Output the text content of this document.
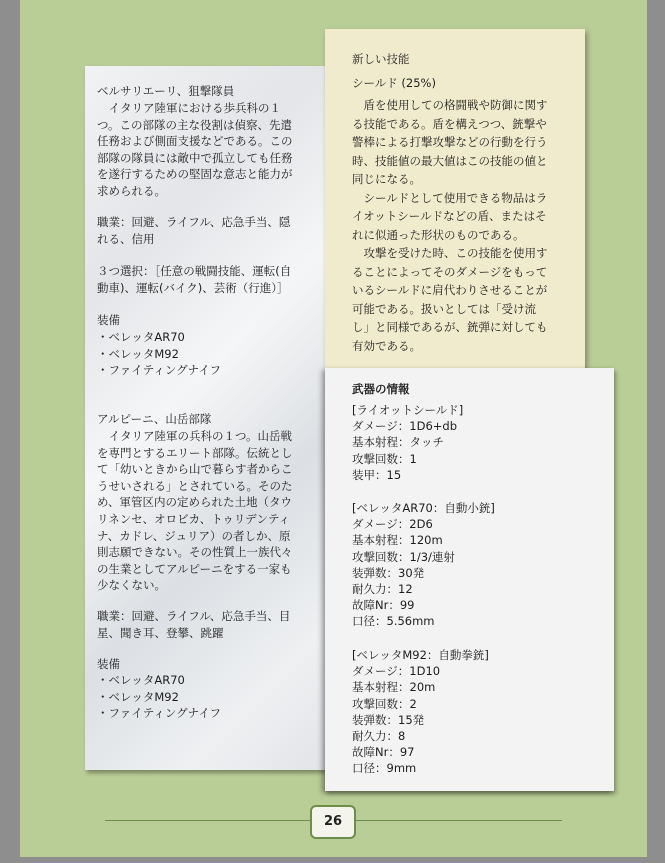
ベルサリエーリ、狙撃隊員
　イタリア陸軍における歩兵科の１
つ。この部隊の主な役割は偵察、先遣
任務および側面支援などである。この
部隊の隊員には敵中で孤立しても任務
を遂行するための堅固な意志と能力が
求められる。
職業：回避、ライフル、応急手当、隠
れる、信用
３つ選択：［任意の戦闘技能、運転(自
動車)、運転(バイク)、芸術（行進）］
装備
・ベレッタAR70
・ベレッタM92
・ファイティングナイフ
アルピーニ、山岳部隊
　イタリア陸軍の兵科の１つ。山岳戦
を専門とするエリート部隊。伝統とし
て「幼いときから山で暮らす者からこ
うせいされる」とされている。そのた
め、軍管区内の定められた土地（タウ
リネンセ、オロビカ、トゥリデンティ
ナ、カドレ、ジュリア）の者しか、原
則志願できない。その性質上一族代々
の生業としてアルピーニをする一家も
少なくない。
職業：回避、ライフル、応急手当、目
星、聞き耳、登攀、跳躍
装備
・ベレッタAR70
・ベレッタM92
・ファイティングナイフ
新しい技能
シールド (25%)
　盾を使用しての格闘戦や防御に関す
る技能である。盾を構えつつ、銃撃や
警棒による打撃攻撃などの行動を行う
時、技能値の最大値はこの技能の値と
同じになる。
　シールドとして使用できる物品はラ
イオットシールドなどの盾、またはそ
れに似通った形状のものである。
　攻撃を受けた時、この技能を使用す
ることによってそのダメージをもって
いるシールドに肩代わりさせることが
可能である。扱いとしては「受け流
し」と同様であるが、銃弾に対しても
有効である。
武器の情報
[ライオットシールド]
ダメージ：1D6+db
基本射程：タッチ
攻撃回数：1
装甲：15
[ベレッタAR70：自動小銃]
ダメージ：2D6
基本射程：120m
攻撃回数：1/3/連射
装弾数：30発
耐久力：12
故障Nr：99
口径：5.56mm
[ベレッタM92：自動拳銃]
ダメージ：1D10
基本射程：20m
攻撃回数：2
装弾数：15発
耐久力：8
故障Nr：97
口径：9mm
26
